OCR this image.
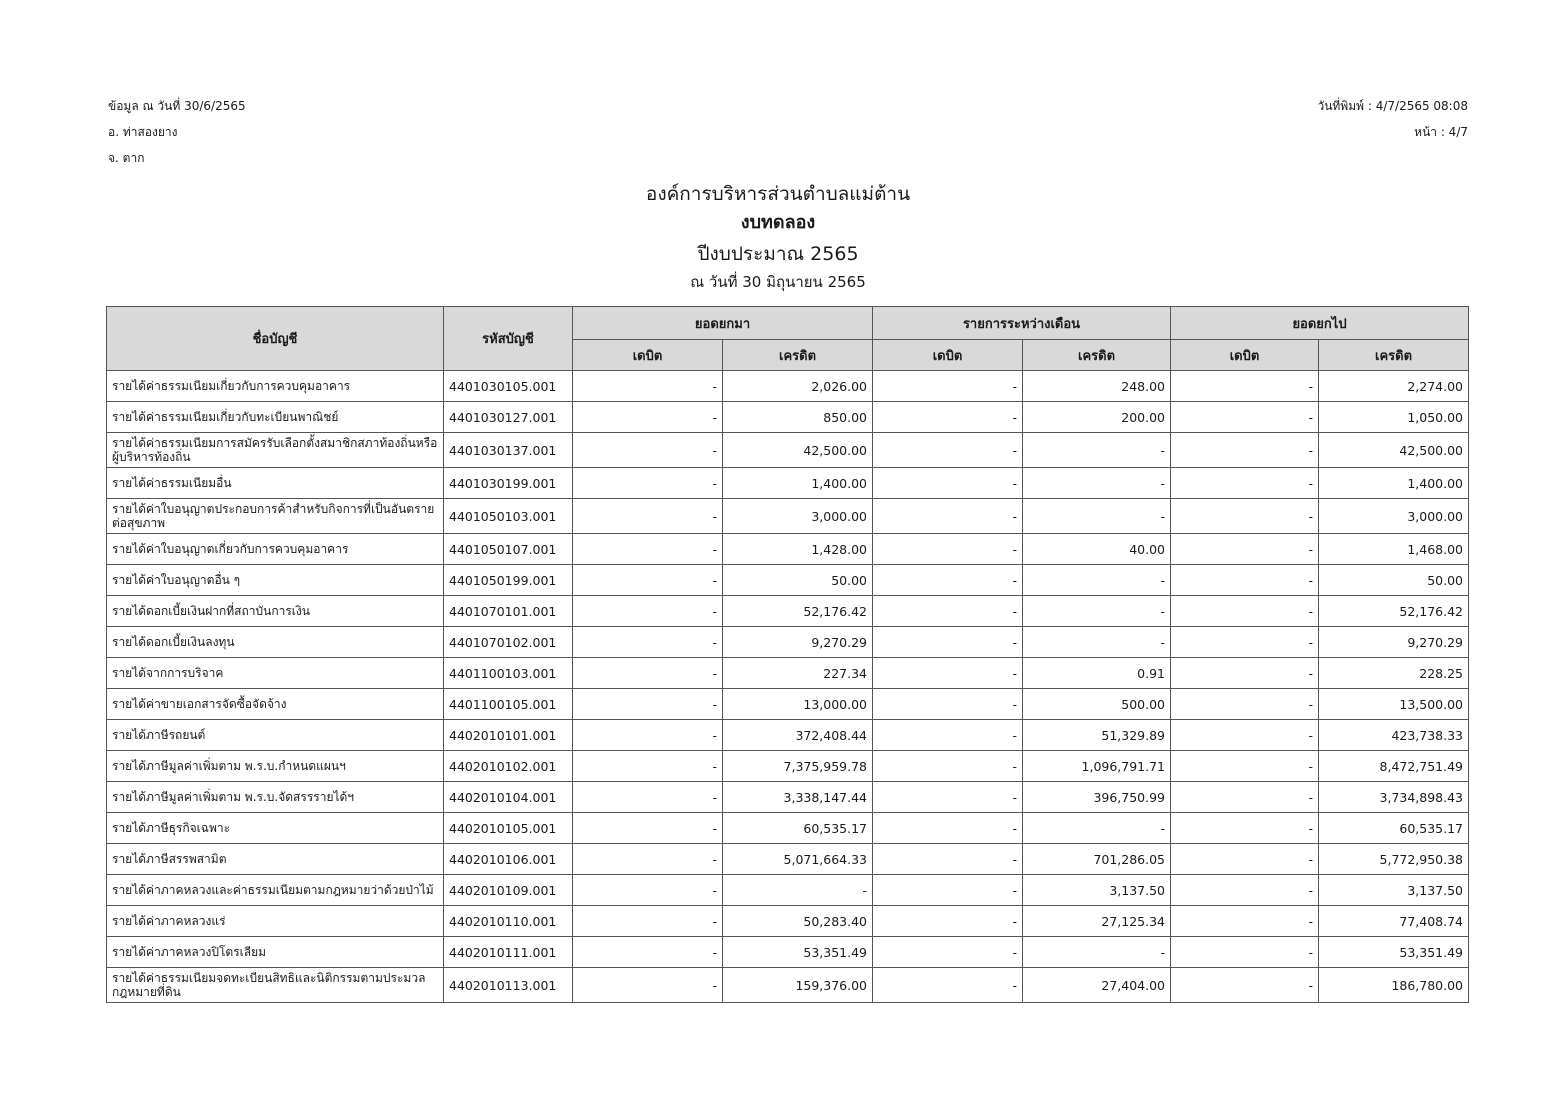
ข้อมูล ณ วันที่ 30/6/2565
อ. ท่าสองยาง
จ. ตาก
วันที่พิมพ์ : 4/7/2565 08:08
หน้า : 4/7
องค์การบริหารส่วนตำบลแม่ต้าน
งบทดลอง
ปีงบประมาณ 2565
ณ วันที่ 30 มิถุนายน 2565
ชื่อบัญชี	รหัสบัญชี	ยอดยกมา		รายการระหว่างเดือน		ยอดยกไป	
		เดบิต	เครดิต	เดบิต	เครดิต	เดบิต	เครดิต
รายได้ค่าธรรมเนียมเกี่ยวกับการควบคุมอาคาร	4401030105.001	-	2,026.00	-	248.00	-	2,274.00
รายได้ค่าธรรมเนียมเกี่ยวกับทะเบียนพาณิชย์	4401030127.001	-	850.00	-	200.00	-	1,050.00
รายได้ค่าธรรมเนียมการสมัครรับเลือกตั้งสมาชิกสภาท้องถิ่นหรือผู้บริหารท้องถิ่น	4401030137.001	-	42,500.00	-	-	-	42,500.00
รายได้ค่าธรรมเนียมอื่น	4401030199.001	-	1,400.00	-	-	-	1,400.00
รายได้ค่าใบอนุญาตประกอบการค้าสำหรับกิจการที่เป็นอันตรายต่อสุขภาพ	4401050103.001	-	3,000.00	-	-	-	3,000.00
รายได้ค่าใบอนุญาตเกี่ยวกับการควบคุมอาคาร	4401050107.001	-	1,428.00	-	40.00	-	1,468.00
รายได้ค่าใบอนุญาตอื่น ๆ	4401050199.001	-	50.00	-	-	-	50.00
รายได้ดอกเบี้ยเงินฝากที่สถาบันการเงิน	4401070101.001	-	52,176.42	-	-	-	52,176.42
รายได้ดอกเบี้ยเงินลงทุน	4401070102.001	-	9,270.29	-	-	-	9,270.29
รายได้จากการบริจาค	4401100103.001	-	227.34	-	0.91	-	228.25
รายได้ค่าขายเอกสารจัดซื้อจัดจ้าง	4401100105.001	-	13,000.00	-	500.00	-	13,500.00
รายได้ภาษีรถยนต์	4402010101.001	-	372,408.44	-	51,329.89	-	423,738.33
รายได้ภาษีมูลค่าเพิ่มตาม พ.ร.บ.กำหนดแผนฯ	4402010102.001	-	7,375,959.78	-	1,096,791.71	-	8,472,751.49
รายได้ภาษีมูลค่าเพิ่มตาม พ.ร.บ.จัดสรรรายได้ฯ	4402010104.001	-	3,338,147.44	-	396,750.99	-	3,734,898.43
รายได้ภาษีธุรกิจเฉพาะ	4402010105.001	-	60,535.17	-	-	-	60,535.17
รายได้ภาษีสรรพสามิต	4402010106.001	-	5,071,664.33	-	701,286.05	-	5,772,950.38
รายได้ค่าภาคหลวงและค่าธรรมเนียมตามกฎหมายว่าด้วยป่าไม้	4402010109.001	-	-	-	3,137.50	-	3,137.50
รายได้ค่าภาคหลวงแร่	4402010110.001	-	50,283.40	-	27,125.34	-	77,408.74
รายได้ค่าภาคหลวงปิโตรเลียม	4402010111.001	-	53,351.49	-	-	-	53,351.49
รายได้ค่าธรรมเนียมจดทะเบียนสิทธิและนิติกรรมตามประมวลกฎหมายที่ดิน	4402010113.001	-	159,376.00	-	27,404.00	-	186,780.00
